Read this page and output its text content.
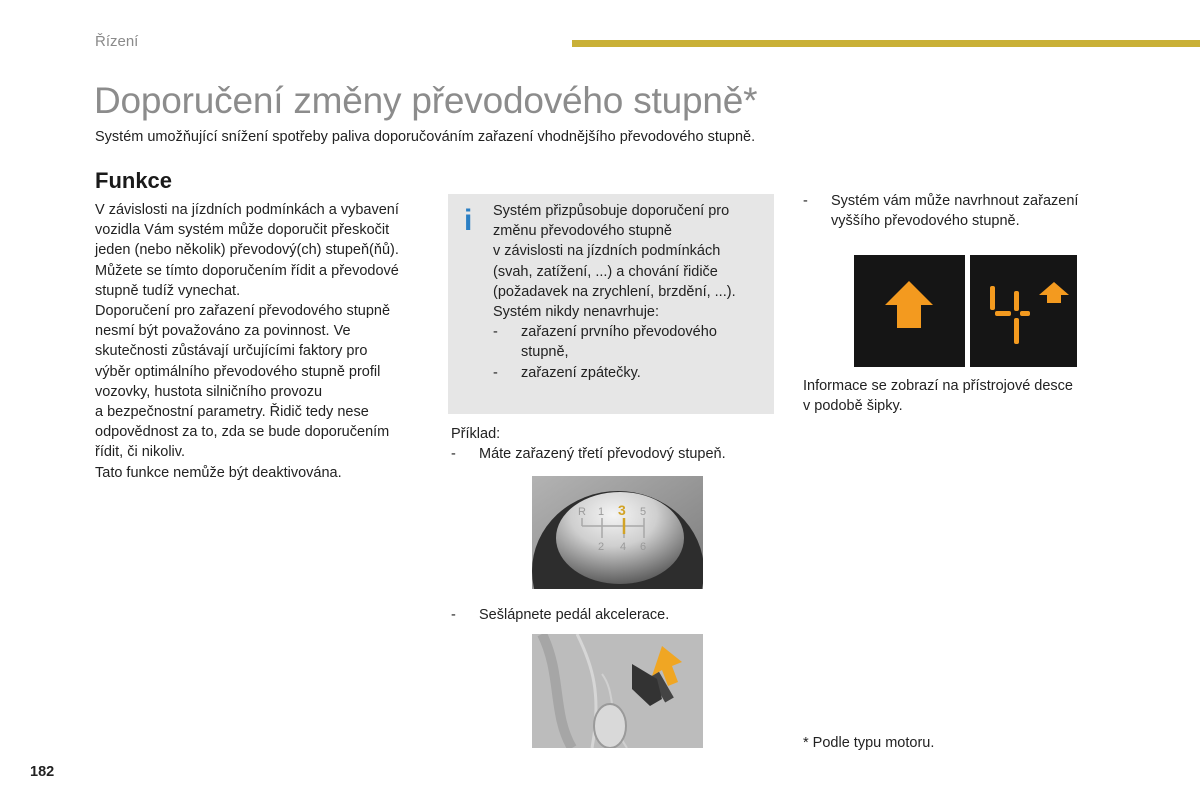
Řízení
Doporučení změny převodového stupně*
Systém umožňující snížení spotřeby paliva doporučováním zařazení vhodnějšího převodového stupně.
Funkce

V závislosti na jízdních podmínkách a vybavení

vozidla Vám systém může doporučit přeskočit

jeden (nebo několik) převodový(ch) stupeň(ňů).

Můžete se tímto doporučením řídit a převodové

stupně tudíž vynechat.

Doporučení pro zařazení převodového stupně

nesmí být považováno za povinnost. Ve

skutečnosti zůstávají určujícími faktory pro

výběr optimálního převodového stupně profil

vozovky, hustota silničního provozu

a bezpečnostní parametry. Řidič tedy nese

odpovědnost za to, zda se bude doporučením

řídit, či nikoliv.

Tato funkce nemůže být deaktivována.

i Systém přizpůsobuje doporučení pro

změnu převodového stupně

v závislosti na jízdních podmínkách

(svah, zatížení, ...) a chování řidiče

(požadavek na zrychlení, brzdění, ...).

Systém nikdy nenavrhuje:

-	zařazení prvního převodového
stupně,
-	zařazení zpátečky.

Příklad:

-	Máte zařazený třetí převodový stupeň.
R 1 3 5
2 4 6
-	Sešlápnete pedál akcelerace.
-	Systém vám může navrhnout zařazení
vyššího převodového stupně.
Informace se zobrazí na přístrojové desce
v podobě šipky.
* Podle typu motoru.
182
